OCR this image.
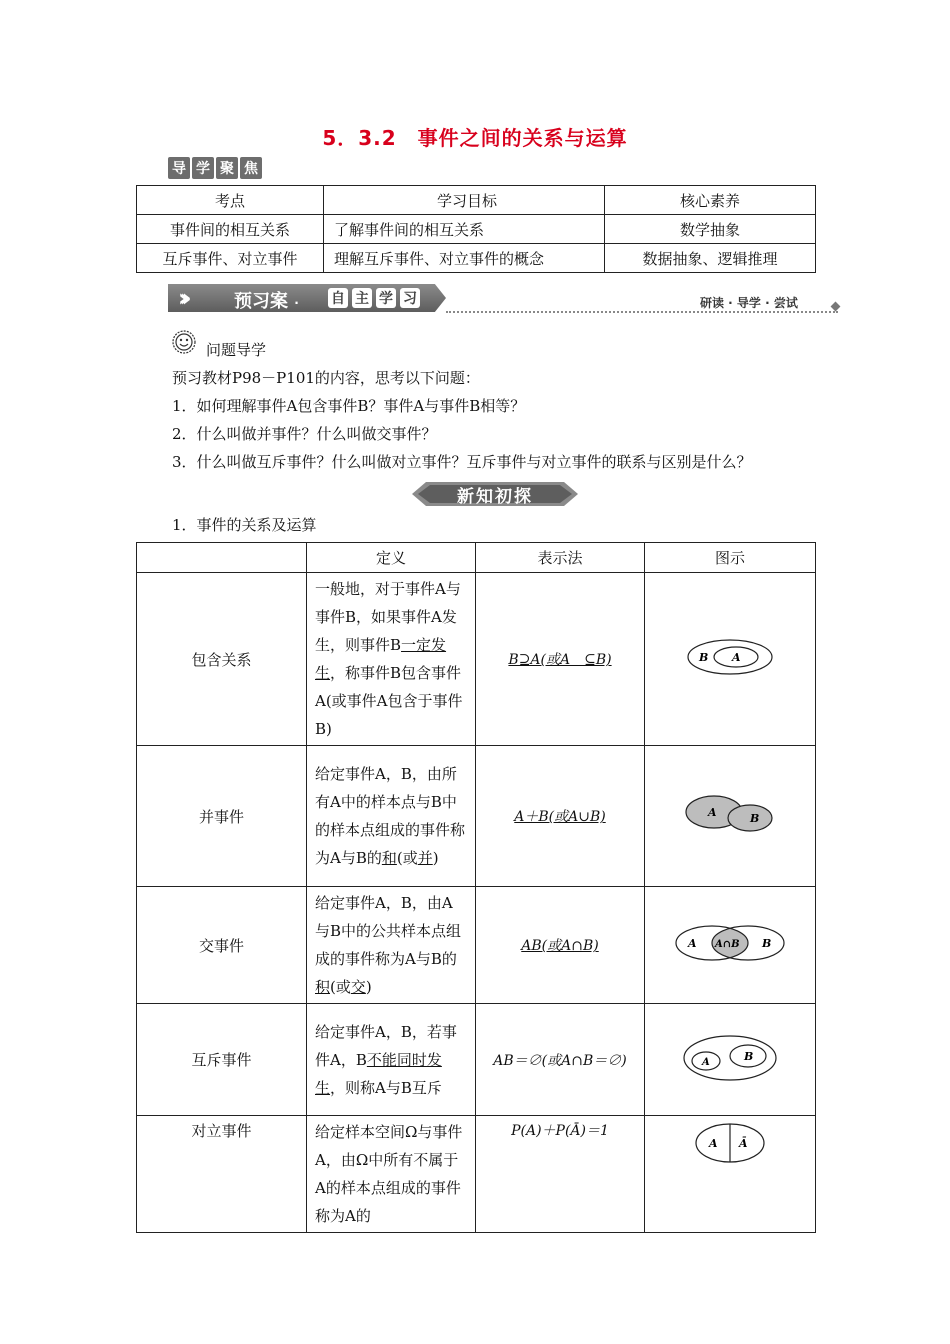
5．3.2　事件之间的关系与运算
导 学 聚 焦
考点	学习目标	核心素养
事件间的相互关系	了解事件间的相互关系	数学抽象
互斥事件、对立事件	理解互斥事件、对立事件的概念	数据抽象、逻辑推理
›››	预习案 · 自 主 学 习	研读 · 导学 · 尝试
问题导学
预习教材P98－P101的内容，思考以下问题：
1．如何理解事件A包含事件B？事件A与事件B相等？
2．什么叫做并事件？什么叫做交事件？
3．什么叫做互斥事件？什么叫做对立事件？互斥事件与对立事件的联系与区别是什么？
新知初探
1．事件的关系及运算
	定义	表示法	图示
包含关系	一般地，对于事件A与事件B，如果事件A发生，则事件B一定发生，称事件B包含事件A(或事件A包含于事件B)	B⊇A(或A　⊆B)	B A

并事件	给定事件A，B，由所有A中的样本点与B中的样本点组成的事件称为A与B的和(或并)	A＋B(或A∪B)	A B

交事件	给定事件A，B，由A与B中的公共样本点组成的事件称为A与B的积(或交)	AB(或A∩B)	A A∩B B

互斥事件	给定事件A，B，若事件A，B不能同时发生，则称A与B互斥	AB＝∅(或A∩B＝∅)	A B

对立事件	给定样本空间Ω与事件A，由Ω中所有不属于A的样本点组成的事件称为A的	P(A)＋P(Ā)＝1	A Ā
